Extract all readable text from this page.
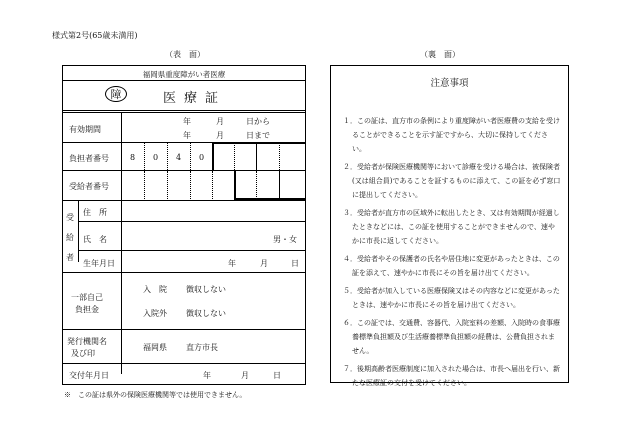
様式第2号(65歳未満用)
（表　面）	（裏　面）
福岡県重度障がい者医療
障	医療証
有効期間
年	月	日から
年	月	日まで
負担者番号	8 0 4 0
受給者番号
受
給
者
住　所
氏　名	男・女
生年月日	年	月	日
一部自己
負担金
入　院 徴収しない
入院外 徴収しない
発行機関名
及び印
福岡県 直方市長
交付年月日	年	月	日
※　この証は県外の保険医療機関等では使用できません。
注意事項
１．この証は、直方市の条例により重度障がい者医療費の支給を受けることができることを示す証ですから、大切に保持してください。
２．受給者が保険医療機関等において診療を受ける場合は、被保険者(又は組合員)であることを証するものに添えて、この証を必ず窓口に提出してください。
３．受給者が直方市の区域外に転出したとき、又は有効期間が経過したときなどには、この証を使用することができませんので、速やかに市長に返してください。
４．受給者やその保護者の氏名や居住地に変更があったときは、この証を添えて、速やかに市長にその旨を届け出てください。
５．受給者が加入している医療保険又はその内容などに変更があったときは、速やかに市長にその旨を届け出てください。
６．この証では、交通費、容器代、入院室料の差額、入院時の食事療養標準負担額及び生活療養標準負担額の経費は、公費負担されません。
７．後期高齢者医療制度に加入された場合は、市長へ届出を行い、新たな医療証の交付を受けてください。
